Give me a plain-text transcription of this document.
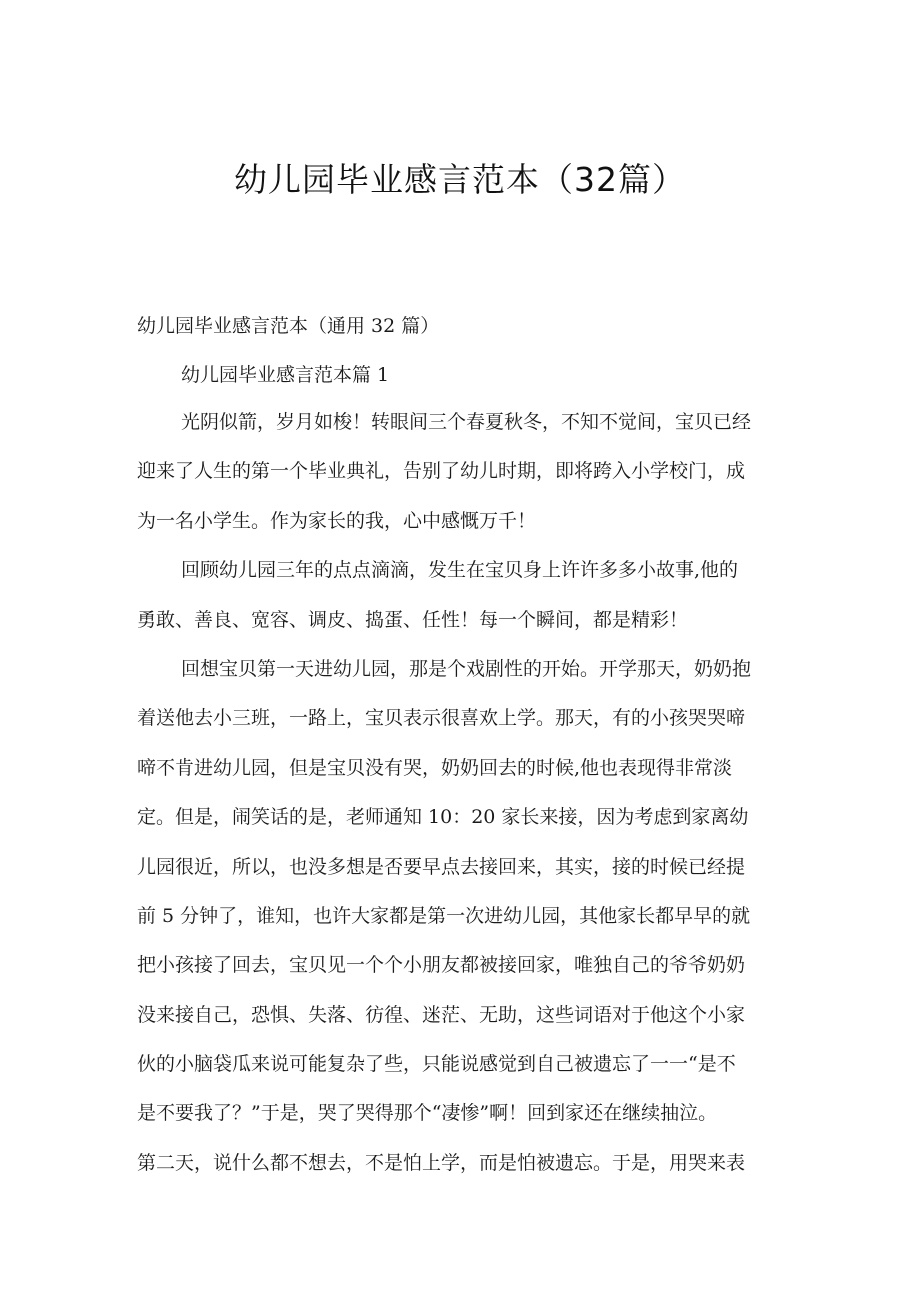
幼儿园毕业感言范本（32篇）
幼儿园毕业感言范本（通用 32 篇）
幼儿园毕业感言范本篇 1
光阴似箭，岁月如梭！转眼间三个春夏秋冬，不知不觉间，宝贝已经
迎来了人生的第一个毕业典礼，告别了幼儿时期，即将跨入小学校门，成
为一名小学生。作为家长的我，心中感慨万千！
回顾幼儿园三年的点点滴滴，发生在宝贝身上许许多多小故事,他的
勇敢、善良、宽容、调皮、捣蛋、任性！每一个瞬间，都是精彩！
回想宝贝第一天进幼儿园，那是个戏剧性的开始。开学那天，奶奶抱
着送他去小三班，一路上，宝贝表示很喜欢上学。那天，有的小孩哭哭啼
啼不肯进幼儿园，但是宝贝没有哭，奶奶回去的时候,他也表现得非常淡
定。但是，闹笑话的是，老师通知 10：20 家长来接，因为考虑到家离幼
儿园很近，所以，也没多想是否要早点去接回来，其实，接的时候已经提
前 5 分钟了，谁知，也许大家都是第一次进幼儿园，其他家长都早早的就
把小孩接了回去，宝贝见一个个小朋友都被接回家，唯独自己的爷爷奶奶
没来接自己，恐惧、失落、彷徨、迷茫、无助，这些词语对于他这个小家
伙的小脑袋瓜来说可能复杂了些，只能说感觉到自己被遗忘了一一“是不
是不要我了？”于是，哭了哭得那个“凄惨”啊！回到家还在继续抽泣。
第二天，说什么都不想去，不是怕上学，而是怕被遗忘。于是，用哭来表
